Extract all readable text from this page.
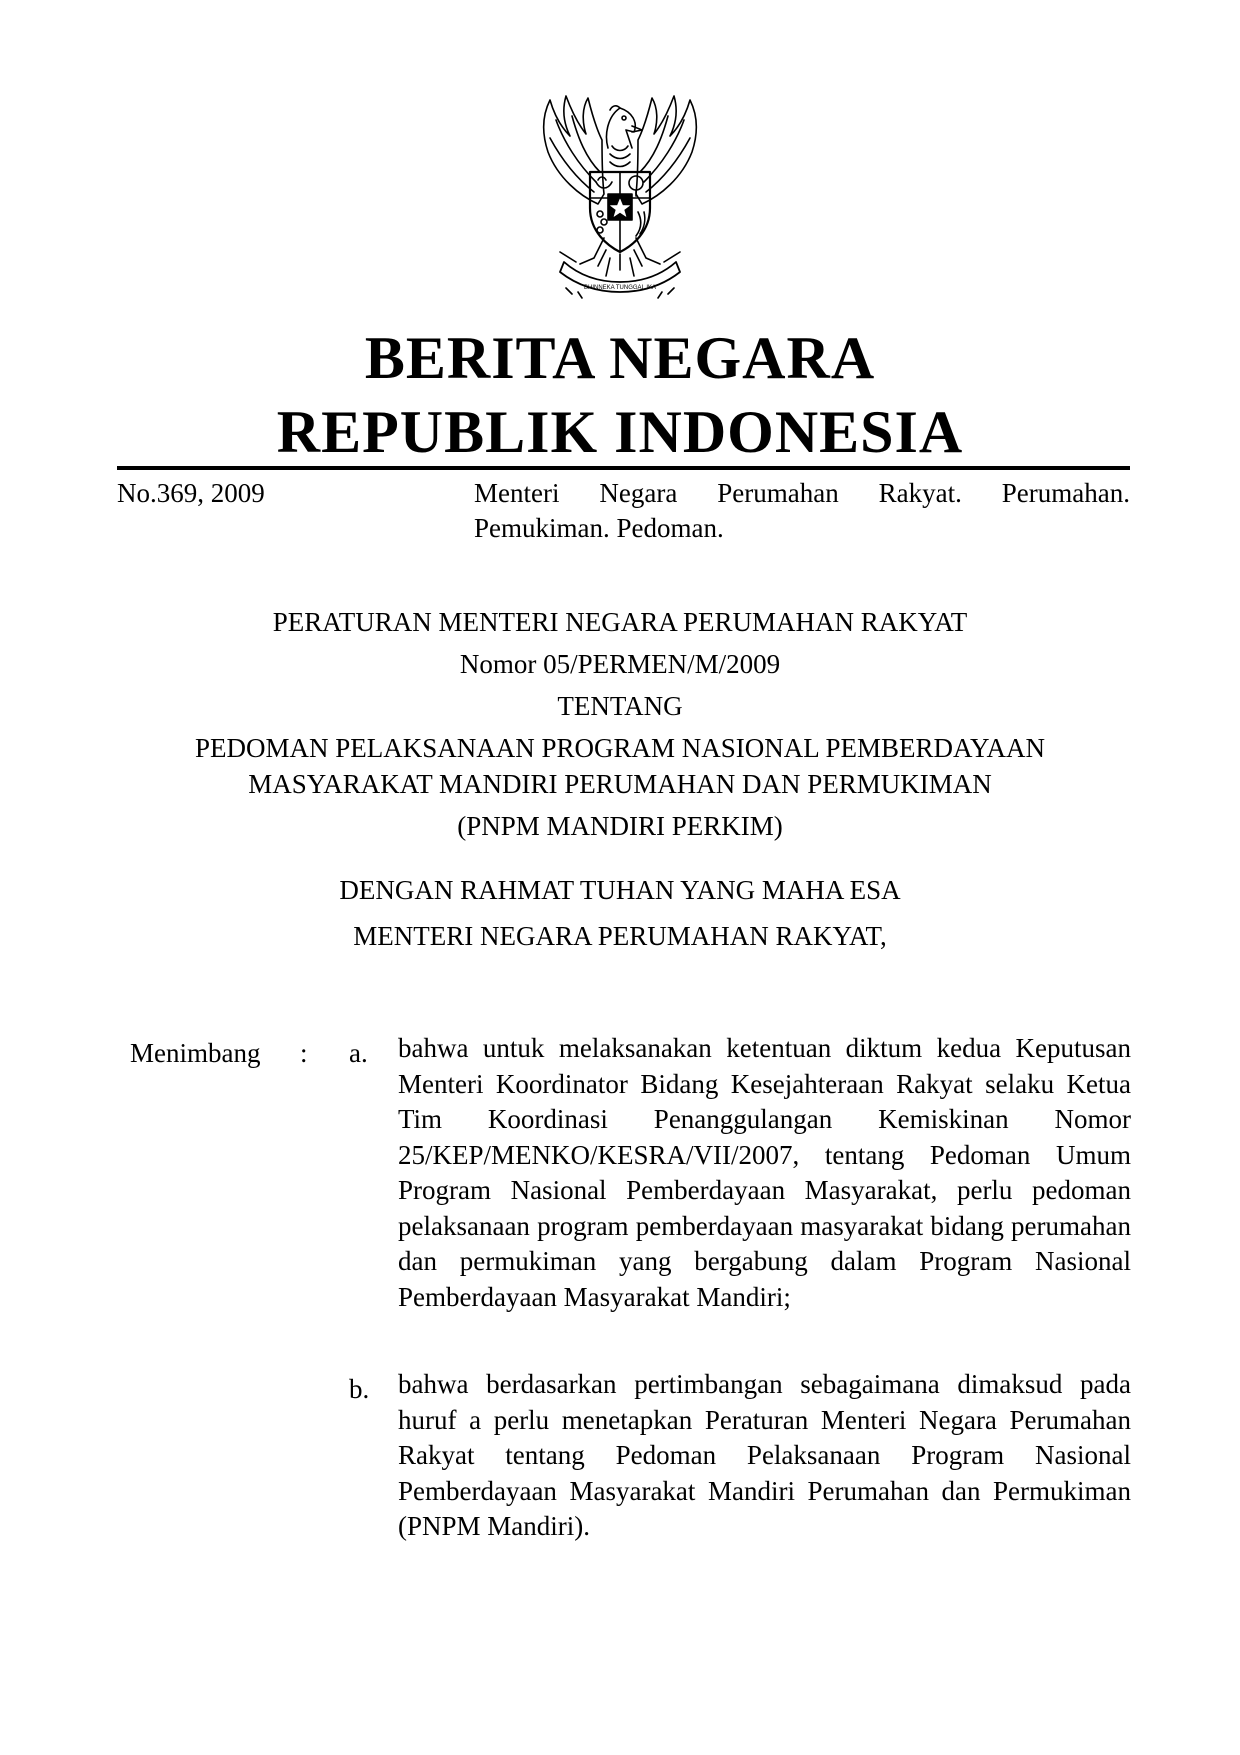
BHINNEKA TUNGGAL IKA
BERITA NEGARA
REPUBLIK INDONESIA
No.369, 2009	Menteri Negara Perumahan Rakyat. Perumahan.
Pemukiman. Pedoman.
PERATURAN MENTERI NEGARA PERUMAHAN RAKYAT
Nomor 05/PERMEN/M/2009
TENTANG
PEDOMAN PELAKSANAAN PROGRAM NASIONAL PEMBERDAYAAN
MASYARAKAT MANDIRI PERUMAHAN DAN PERMUKIMAN
(PNPM MANDIRI PERKIM)
DENGAN RAHMAT TUHAN YANG MAHA ESA
MENTERI NEGARA PERUMAHAN RAKYAT,
Menimbang : a. bahwa untuk melaksanakan ketentuan diktum kedua Keputusan Menteri Koordinator Bidang Kesejahteraan Rakyat selaku Ketua Tim Koordinasi Penanggulangan Kemiskinan Nomor 25/KEP/MENKO/KESRA/VII/2007, tentang Pedoman Umum Program Nasional Pemberdayaan Masyarakat, perlu pedoman pelaksanaan program pemberdayaan masyarakat bidang perumahan dan permukiman yang bergabung dalam Program Nasional Pemberdayaan Masyarakat Mandiri;
b. bahwa berdasarkan pertimbangan sebagaimana dimaksud pada huruf a perlu menetapkan Peraturan Menteri Negara Perumahan Rakyat tentang Pedoman Pelaksanaan Program Nasional Pemberdayaan Masyarakat Mandiri Perumahan dan Permukiman (PNPM Mandiri).
